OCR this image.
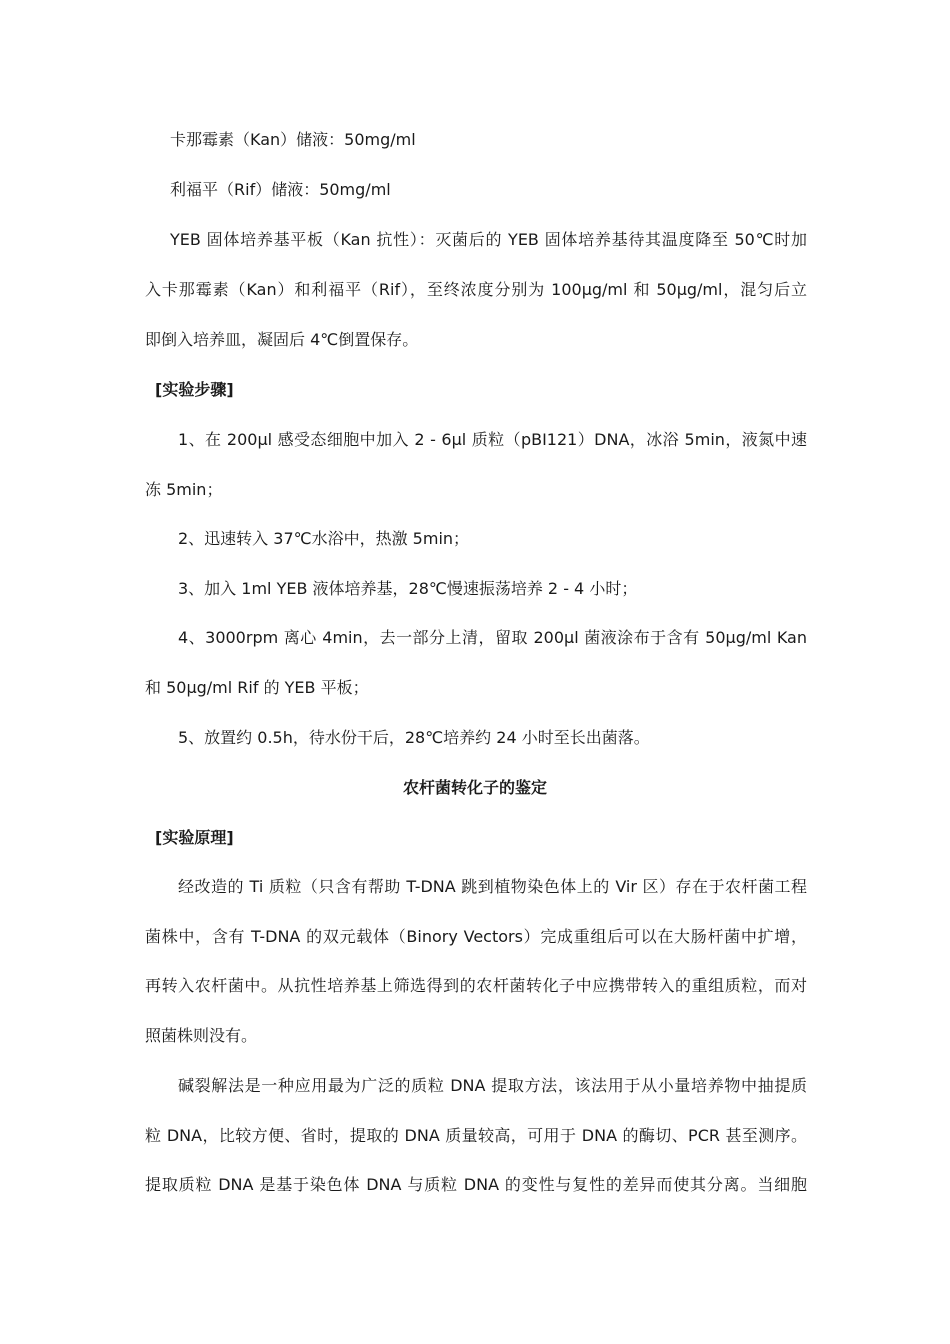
卡那霉素（Kan）储液：50mg/ml
利福平（Rif）储液：50mg/ml
YEB 固体培养基平板（Kan 抗性）：灭菌后的 YEB 固体培养基待其温度降至 50℃时加
入卡那霉素（Kan）和利福平（Rif），至终浓度分别为 100μg/ml 和 50μg/ml，混匀后立
即倒入培养皿，凝固后 4℃倒置保存。
[实验步骤]
1、在 200μl 感受态细胞中加入 2 - 6μl 质粒（pBI121）DNA，冰浴 5min，液氮中速
冻 5min；
2、迅速转入 37℃水浴中，热激 5min；
3、加入 1ml YEB 液体培养基，28℃慢速振荡培养 2 - 4 小时；
4、3000rpm 离心 4min，去一部分上清，留取 200μl 菌液涂布于含有 50μg/ml Kan
和 50μg/ml Rif 的 YEB 平板；
5、放置约 0.5h，待水份干后，28℃培养约 24 小时至长出菌落。
农杆菌转化子的鉴定
[实验原理]
经改造的 Ti 质粒（只含有帮助 T-DNA 跳到植物染色体上的 Vir 区）存在于农杆菌工程
菌株中，含有 T-DNA 的双元载体（Binory Vectors）完成重组后可以在大肠杆菌中扩增，
再转入农杆菌中。从抗性培养基上筛选得到的农杆菌转化子中应携带转入的重组质粒，而对
照菌株则没有。
碱裂解法是一种应用最为广泛的质粒 DNA 提取方法，该法用于从小量培养物中抽提质
粒 DNA，比较方便、省时，提取的 DNA 质量较高，可用于 DNA 的酶切、PCR 甚至测序。
提取质粒 DNA 是基于染色体 DNA 与质粒 DNA 的变性与复性的差异而使其分离。当细胞
